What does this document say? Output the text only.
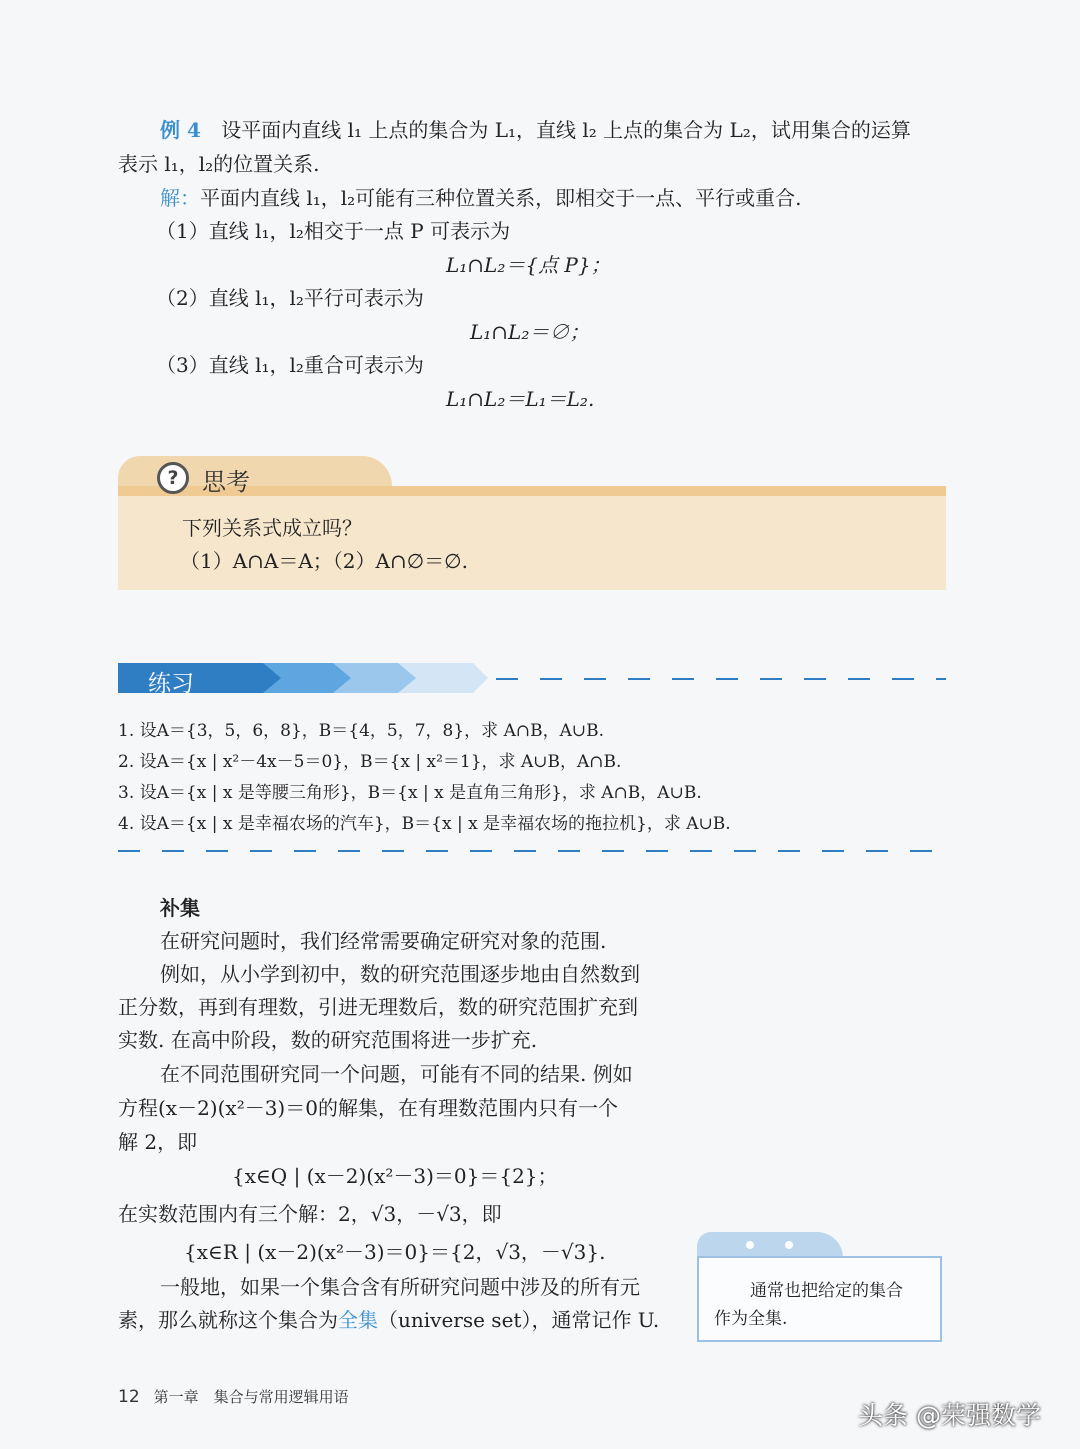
例 4 设平面内直线 l₁ 上点的集合为 L₁，直线 l₂ 上点的集合为 L₂，试用集合的运算
表示 l₁，l₂的位置关系.
解：平面内直线 l₁，l₂可能有三种位置关系，即相交于一点、平行或重合.
（1）直线 l₁，l₂相交于一点 P 可表示为
L₁∩L₂＝{点 P}；
（2）直线 l₁，l₂平行可表示为
L₁∩L₂＝∅；
（3）直线 l₁，l₂重合可表示为
L₁∩L₂＝L₁＝L₂.
? 思考
下列关系式成立吗？
（1）A∩A＝A；（2）A∩∅＝∅.
练习
1. 设A＝{3，5，6，8}，B＝{4，5，7，8}，求 A∩B，A∪B.
2. 设A＝{x | x²－4x－5＝0}，B＝{x | x²＝1}，求 A∪B，A∩B.
3. 设A＝{x | x 是等腰三角形}，B＝{x | x 是直角三角形}，求 A∩B，A∪B.
4. 设A＝{x | x 是幸福农场的汽车}，B＝{x | x 是幸福农场的拖拉机}，求 A∪B.
补集
在研究问题时，我们经常需要确定研究对象的范围.
例如，从小学到初中，数的研究范围逐步地由自然数到
正分数，再到有理数，引进无理数后，数的研究范围扩充到
实数. 在高中阶段，数的研究范围将进一步扩充.
在不同范围研究同一个问题，可能有不同的结果. 例如
方程(x－2)(x²－3)＝0的解集，在有理数范围内只有一个
解 2，即
{x∈Q | (x－2)(x²－3)＝0}＝{2}；
在实数范围内有三个解：2，√3，－√3，即
{x∈R | (x－2)(x²－3)＝0}＝{2，√3，－√3}.
一般地，如果一个集合含有所研究问题中涉及的所有元
素，那么就称这个集合为全集（universe set），通常记作 U.
通常也把给定的集合
作为全集.
12 第一章　集合与常用逻辑用语
头条 @荣强数学
